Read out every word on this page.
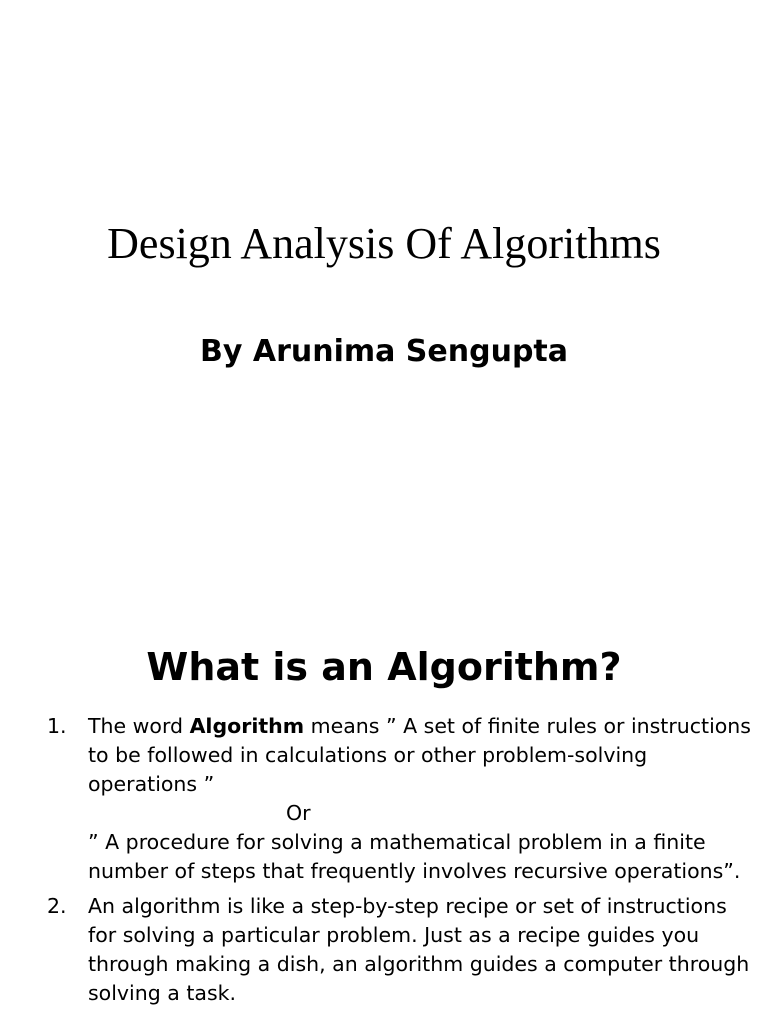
Design Analysis Of Algorithms
By Arunima Sengupta
What is an Algorithm?
1. The word Algorithm means ” A set of finite rules or instructions
to be followed in calculations or other problem-solving
operations ”
Or
” A procedure for solving a mathematical problem in a finite
number of steps that frequently involves recursive operations”.
2. An algorithm is like a step-by-step recipe or set of instructions
for solving a particular problem. Just as a recipe guides you
through making a dish, an algorithm guides a computer through
solving a task.
